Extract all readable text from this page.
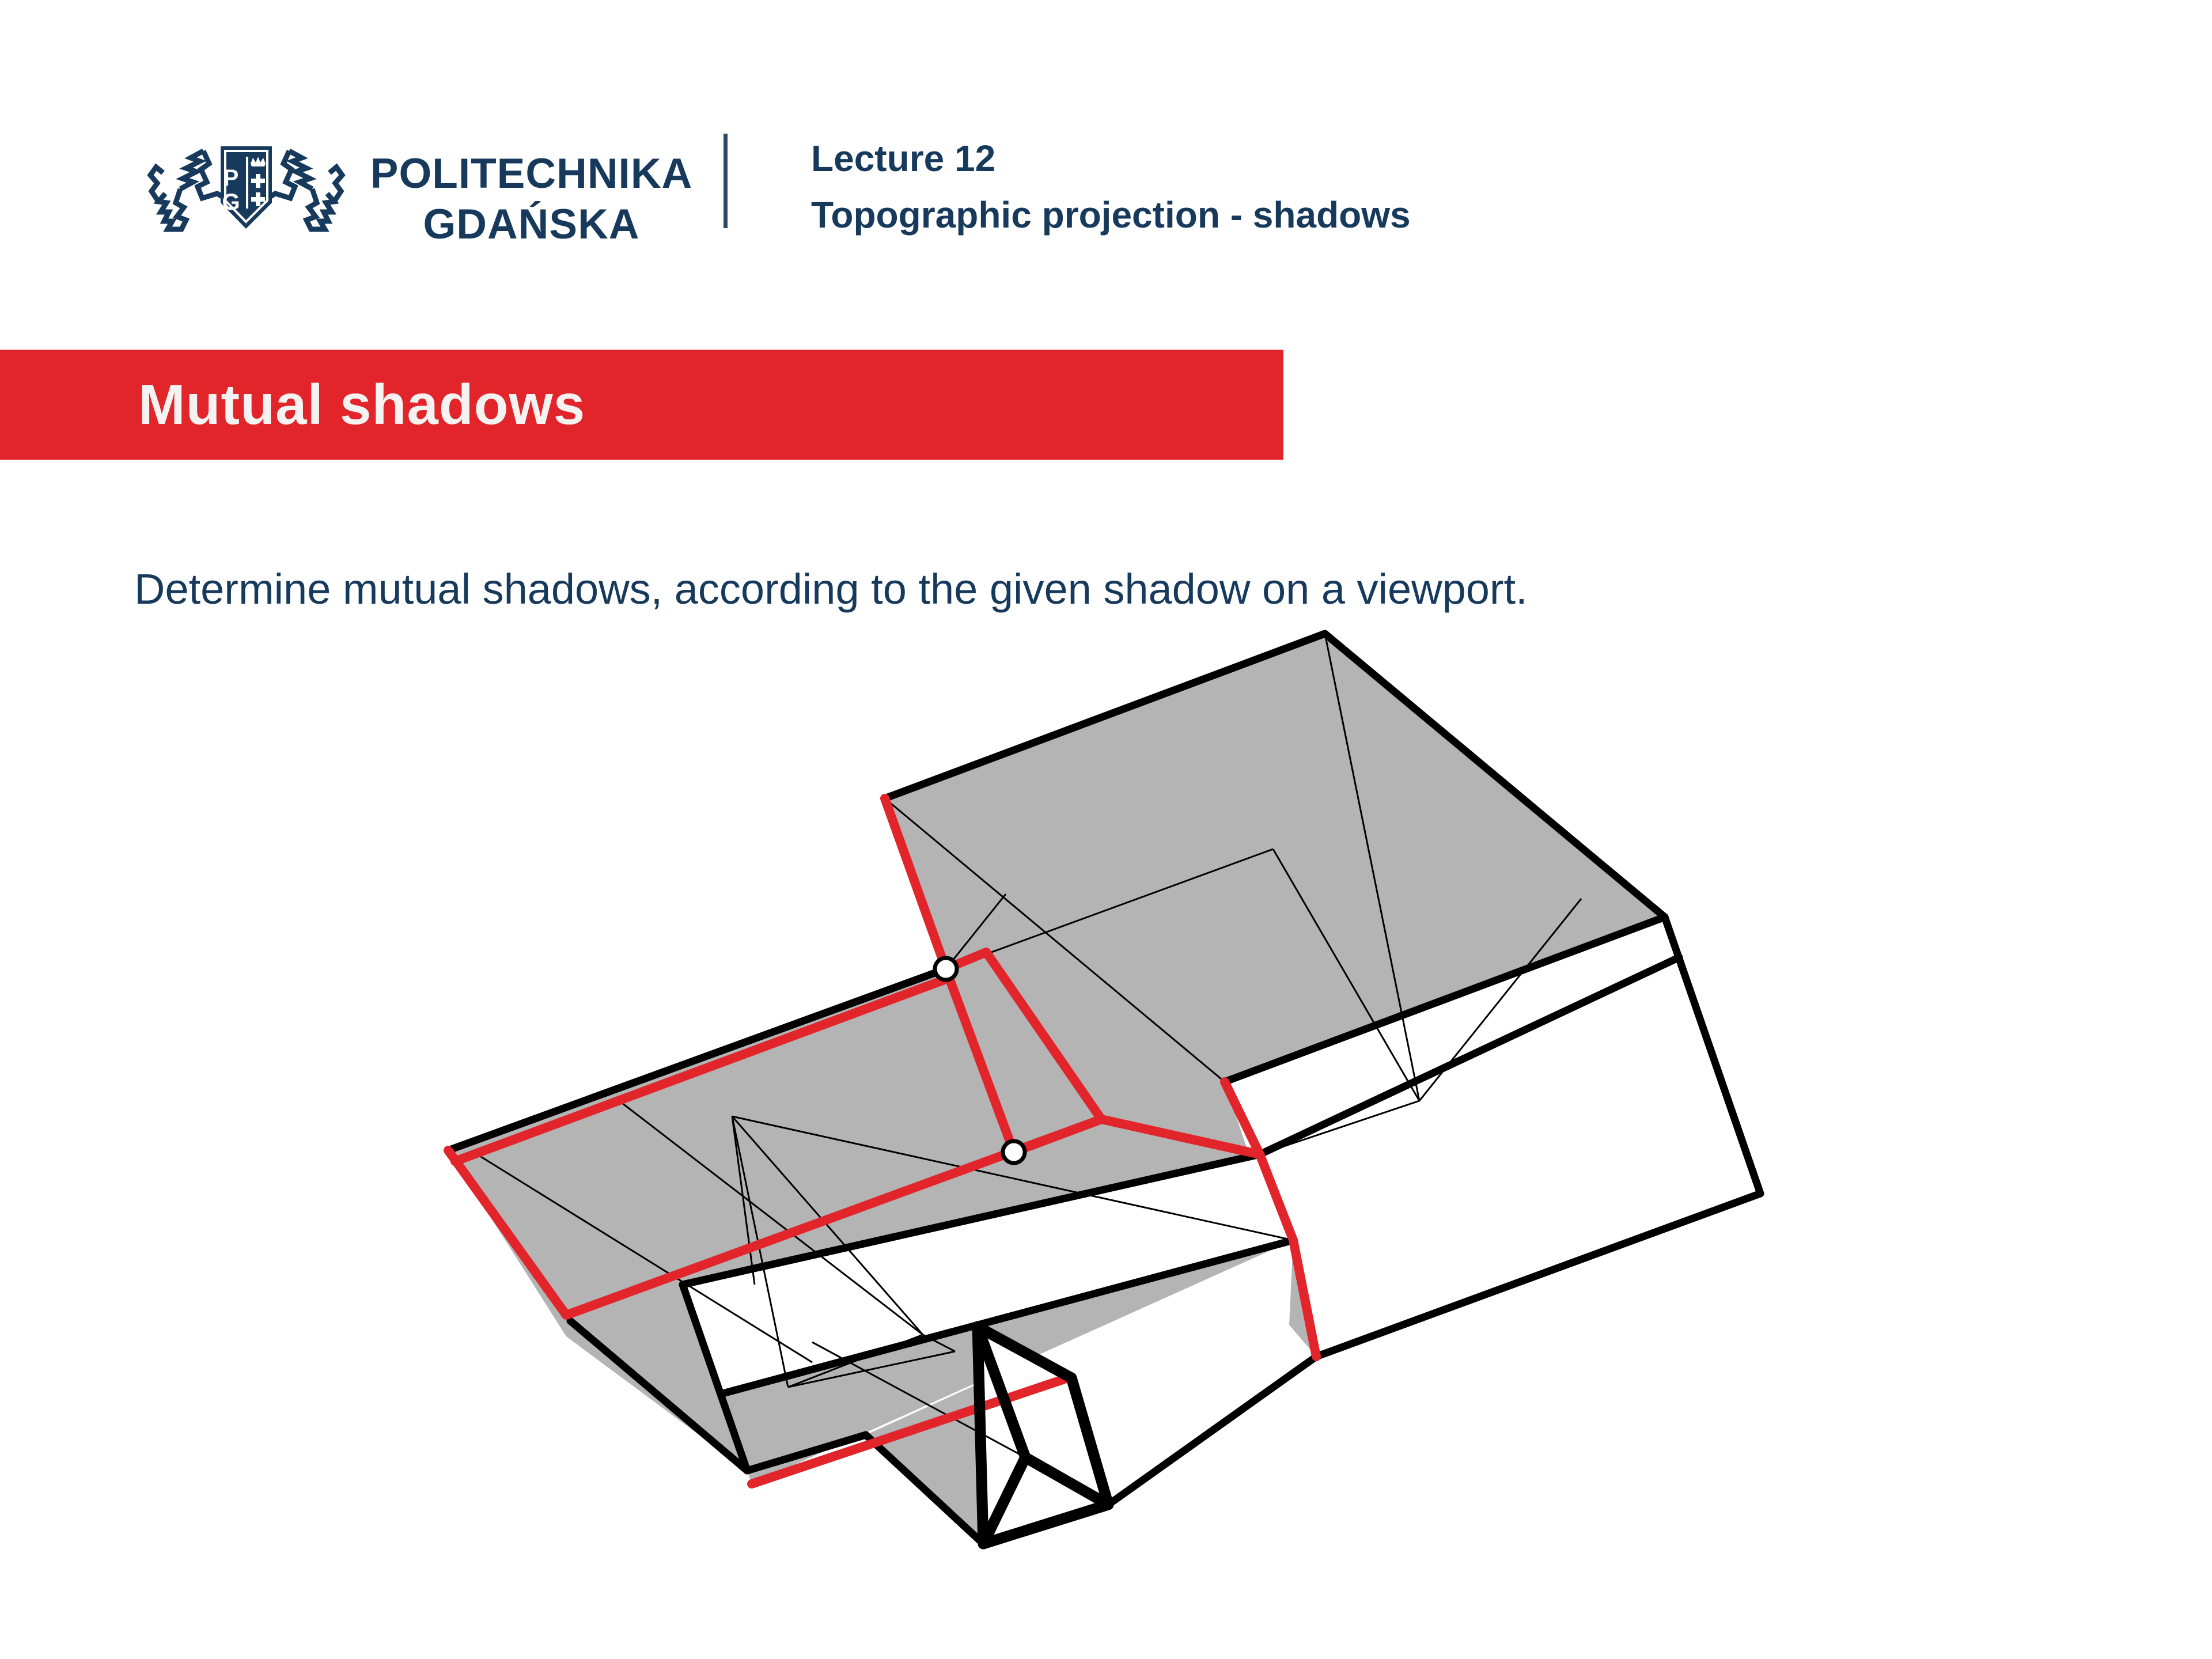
P
G
POLITECHNIKA
GDAŃSKA
Lecture 12
Topographic projection - shadows
Mutual shadows
Determine mutual shadows, according to the given shadow on a viewport.
